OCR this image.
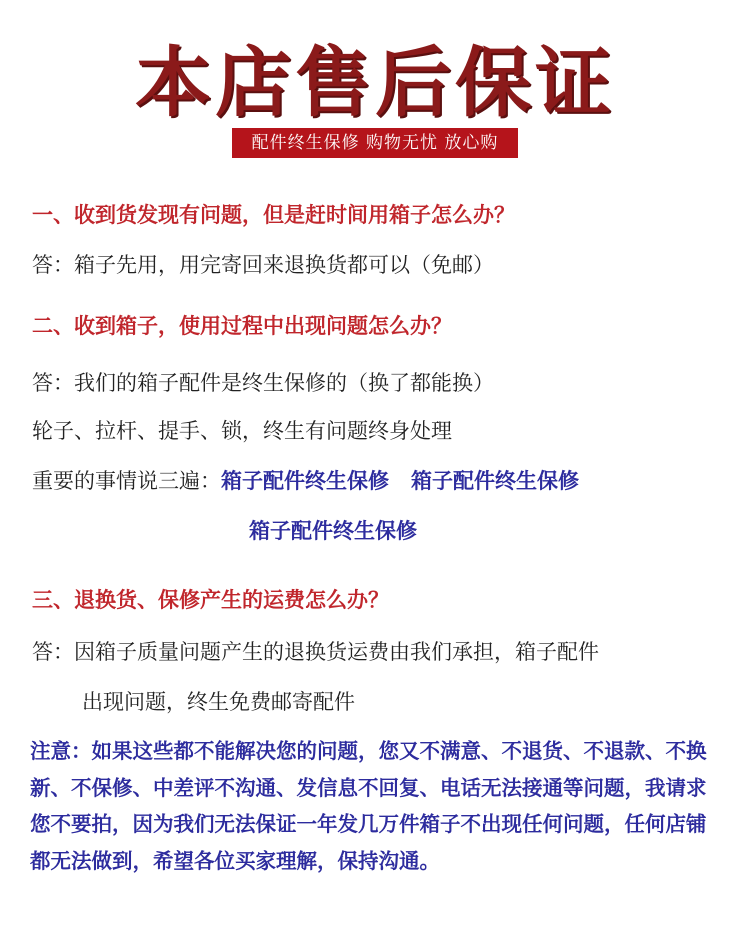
本店售后保证
配件终生保修 购物无忧 放心购
一、收到货发现有问题，但是赶时间用箱子怎么办？
答：箱子先用，用完寄回来退换货都可以（免邮）
二、收到箱子，使用过程中出现问题怎么办？
答：我们的箱子配件是终生保修的（换了都能换）
轮子、拉杆、提手、锁，终生有问题终身处理
重要的事情说三遍：箱子配件终生保修 箱子配件终生保修
箱子配件终生保修
三、退换货、保修产生的运费怎么办？
答：因箱子质量问题产生的退换货运费由我们承担，箱子配件
出现问题，终生免费邮寄配件
注意：如果这些都不能解决您的问题，您又不满意、不退货、不退款、不换新、不保修、中差评不沟通、发信息不回复、电话无法接通等问题，我请求您不要拍，因为我们无法保证一年发几万件箱子不出现任何问题，任何店铺都无法做到，希望各位买家理解，保持沟通。
